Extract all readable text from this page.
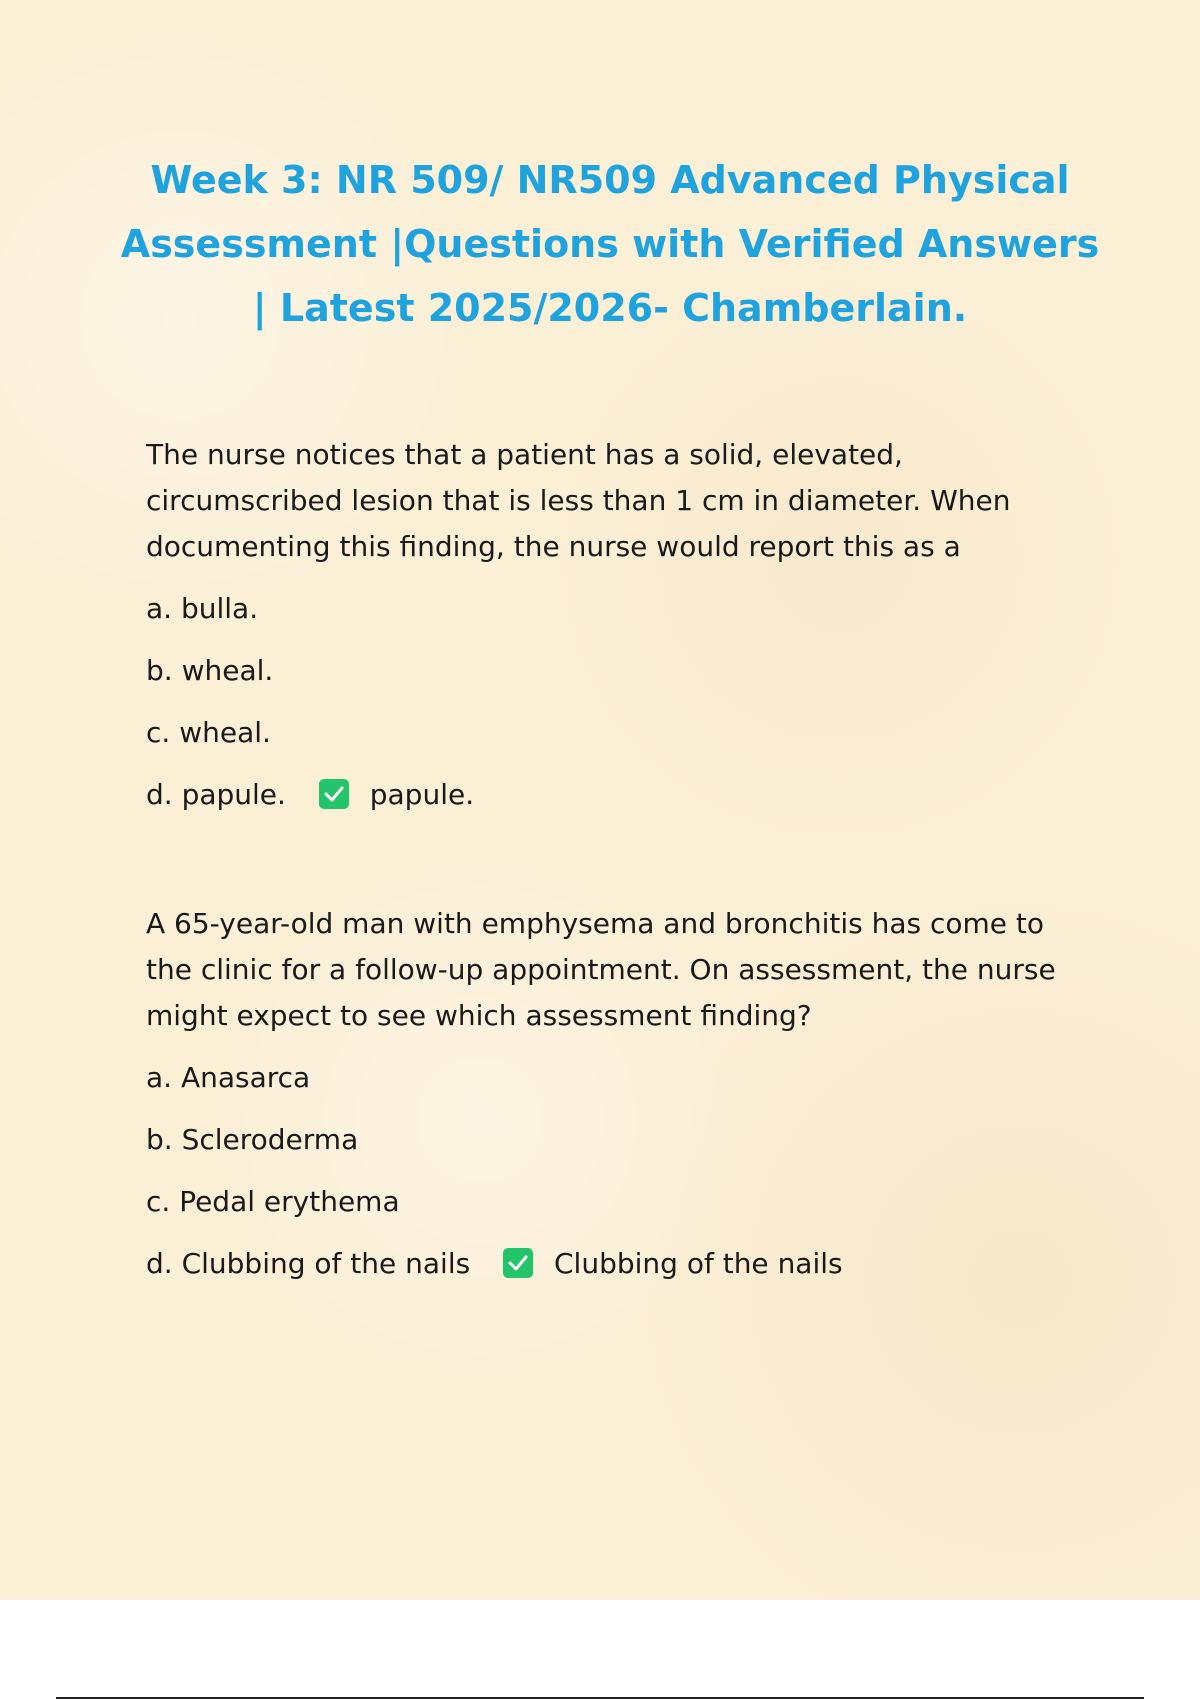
Week 3: NR 509/ NR509 Advanced Physical Assessment |Questions with Verified Answers | Latest 2025/2026- Chamberlain.

The nurse notices that a patient has a solid, elevated, circumscribed lesion that is less than 1 cm in diameter. When documenting this finding, the nurse would report this as a

a. bulla.
b. wheal.
c. wheal.
d. papule.	papule.

A 65-year-old man with emphysema and bronchitis has come to the clinic for a follow-up appointment. On assessment, the nurse might expect to see which assessment finding?

a. Anasarca
b. Scleroderma
c. Pedal erythema
d. Clubbing of the nails	Clubbing of the nails
